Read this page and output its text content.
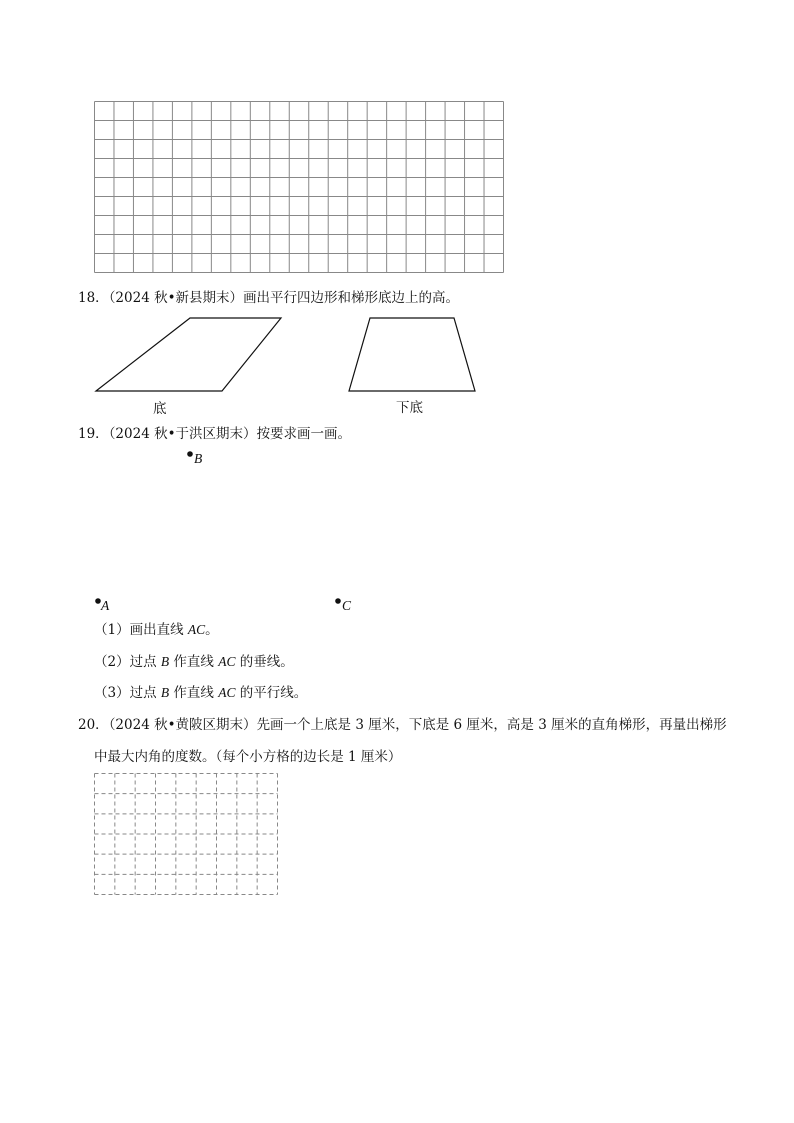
18．（2024 秋•新县期末）画出平行四边形和梯形底边上的高。
底	下底
19．（2024 秋•于洪区期末）按要求画一画。
B
A	C
（1）画出直线 AC。
（2）过点 B 作直线 AC 的垂线。
（3）过点 B 作直线 AC 的平行线。
20．（2024 秋•黄陂区期末）先画一个上底是 3 厘米，下底是 6 厘米，高是 3 厘米的直角梯形，再量出梯形
中最大内角的度数。（每个小方格的边长是 1 厘米）
